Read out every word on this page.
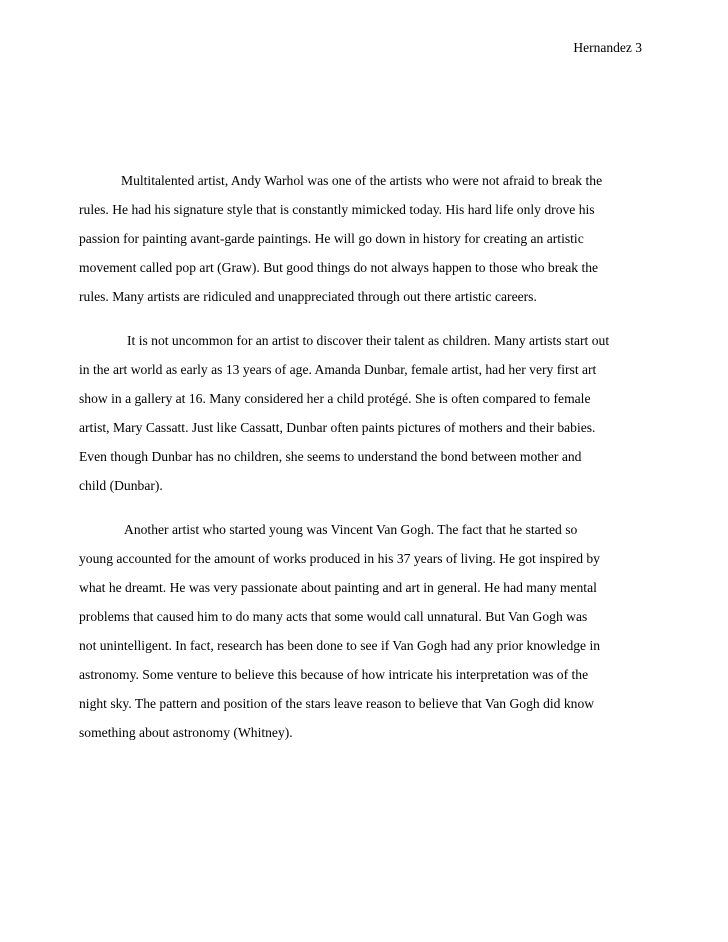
Hernandez 3
Multitalented artist, Andy Warhol was one of the artists who were not afraid to break the
rules. He had his signature style that is constantly mimicked today. His hard life only drove his
passion for painting avant-garde paintings. He will go down in history for creating an artistic
movement called pop art (Graw). But good things do not always happen to those who break the
rules. Many artists are ridiculed and unappreciated through out there artistic careers.
It is not uncommon for an artist to discover their talent as children. Many artists start out
in the art world as early as 13 years of age. Amanda Dunbar, female artist, had her very first art
show in a gallery at 16. Many considered her a child protégé. She is often compared to female
artist, Mary Cassatt. Just like Cassatt, Dunbar often paints pictures of mothers and their babies.
Even though Dunbar has no children, she seems to understand the bond between mother and
child (Dunbar).
Another artist who started young was Vincent Van Gogh. The fact that he started so
young accounted for the amount of works produced in his 37 years of living. He got inspired by
what he dreamt. He was very passionate about painting and art in general. He had many mental
problems that caused him to do many acts that some would call unnatural. But Van Gogh was
not unintelligent. In fact, research has been done to see if Van Gogh had any prior knowledge in
astronomy. Some venture to believe this because of how intricate his interpretation was of the
night sky. The pattern and position of the stars leave reason to believe that Van Gogh did know
something about astronomy (Whitney).
